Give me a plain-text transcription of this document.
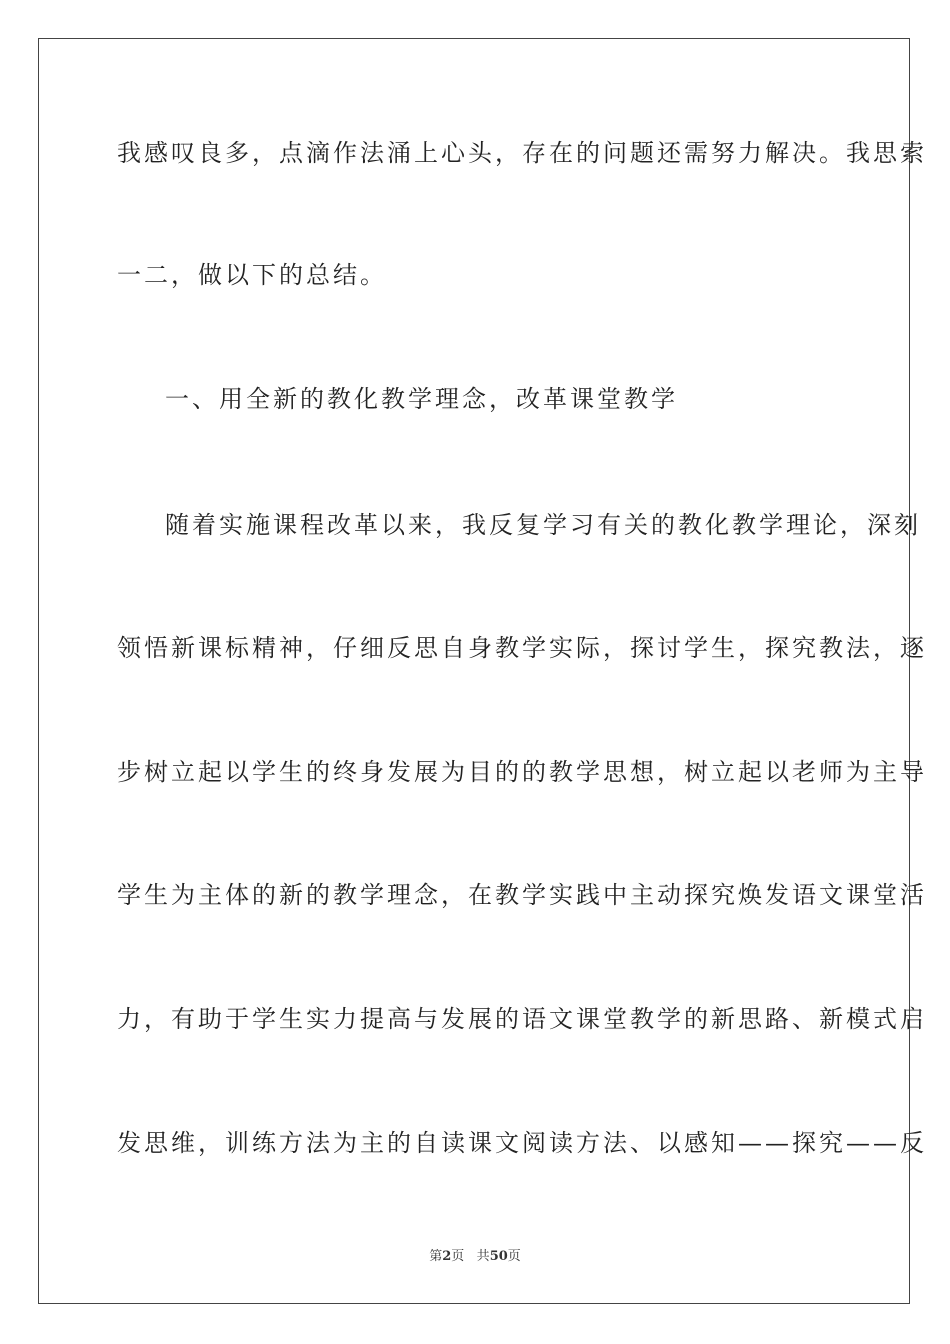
我感叹良多，点滴作法涌上心头，存在的问题还需努力解决。我思索
一二，做以下的总结。
一、用全新的教化教学理念，改革课堂教学
随着实施课程改革以来，我反复学习有关的教化教学理论，深刻
领悟新课标精神，仔细反思自身教学实际，探讨学生，探究教法，逐
步树立起以学生的终身发展为目的的教学思想，树立起以老师为主导
学生为主体的新的教学理念，在教学实践中主动探究焕发语文课堂活
力，有助于学生实力提高与发展的语文课堂教学的新思路、新模式启
发思维，训练方法为主的自读课文阅读方法、以感知——探究——反
第2页 共50页
